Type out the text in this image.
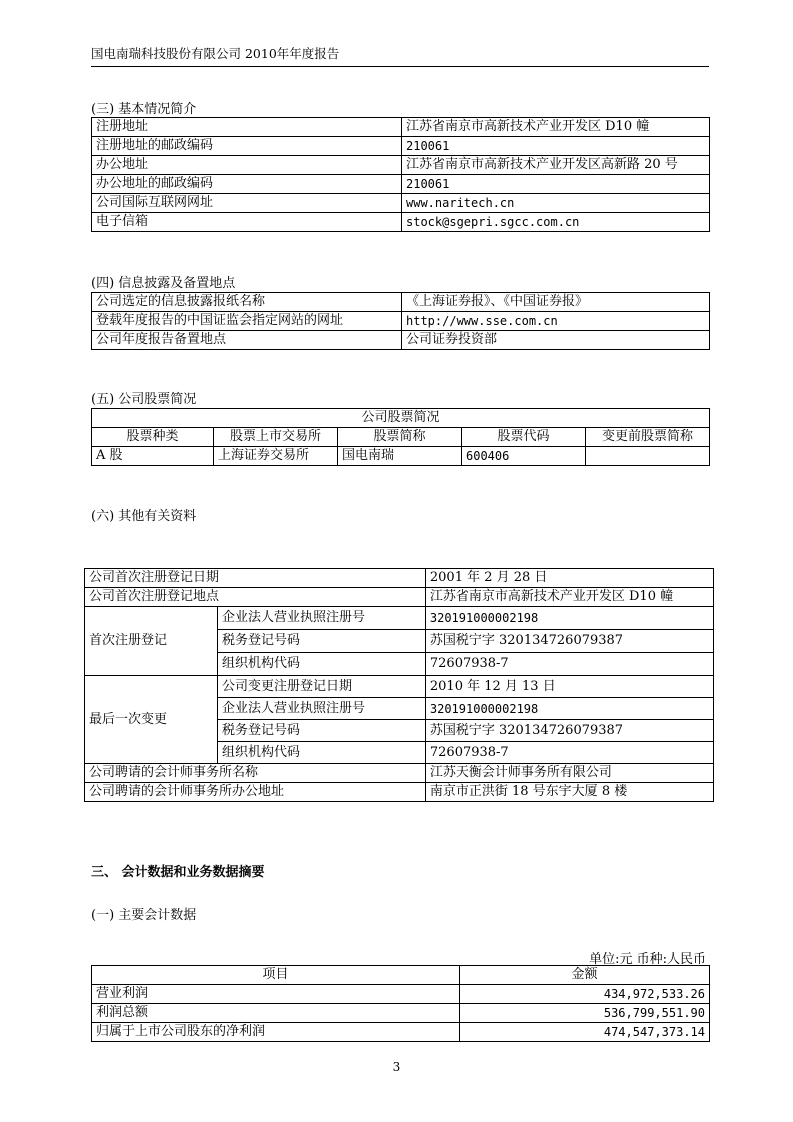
国电南瑞科技股份有限公司 2010年年度报告
(三) 基本情况简介
注册地址	江苏省南京市高新技术产业开发区 D10 幢
注册地址的邮政编码	210061
办公地址	江苏省南京市高新技术产业开发区高新路 20 号
办公地址的邮政编码	210061
公司国际互联网网址	www.naritech.cn
电子信箱	stock@sgepri.sgcc.com.cn
(四) 信息披露及备置地点
公司选定的信息披露报纸名称	《上海证券报》、《中国证券报》
登载年度报告的中国证监会指定网站的网址	http://www.sse.com.cn
公司年度报告备置地点	公司证券投资部
(五) 公司股票简况
公司股票简况				
股票种类	股票上市交易所	股票简称	股票代码	变更前股票简称
A 股	上海证券交易所	国电南瑞	600406	
(六) 其他有关资料
公司首次注册登记日期		2001 年 2 月 28 日
公司首次注册登记地点		江苏省南京市高新技术产业开发区 D10 幢
首次注册登记	企业法人营业执照注册号	320191000002198
	税务登记号码	苏国税宁字 320134726079387
	组织机构代码	72607938-7
最后一次变更	公司变更注册登记日期	2010 年 12 月 13 日
	企业法人营业执照注册号	320191000002198
	税务登记号码	苏国税宁字 320134726079387
	组织机构代码	72607938-7
公司聘请的会计师事务所名称		江苏天衡会计师事务所有限公司
公司聘请的会计师事务所办公地址		南京市正洪街 18 号东宇大厦 8 楼
三、 会计数据和业务数据摘要
(一) 主要会计数据
单位:元 币种:人民币
项目	金额
营业利润	434,972,533.26
利润总额	536,799,551.90
归属于上市公司股东的净利润	474,547,373.14
3
